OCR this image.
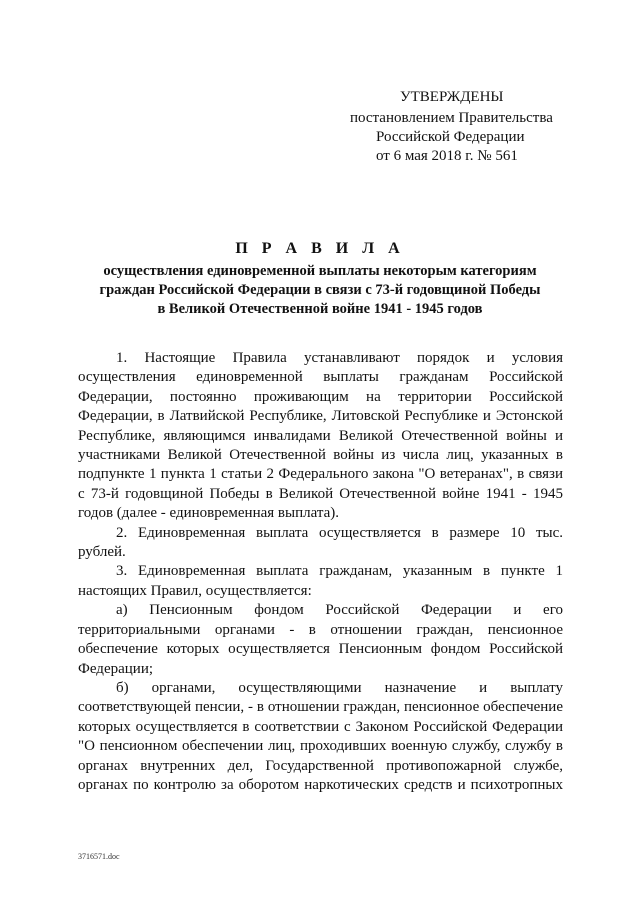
УТВЕРЖДЕНЫ
постановлением Правительства
Российской Федерации
от 6 мая 2018 г. № 561
П Р А В И Л А
осуществления единовременной выплаты некоторым категориям
граждан Российской Федерации в связи с 73-й годовщиной Победы
в Великой Отечественной войне 1941 - 1945 годов

1. Настоящие Правила устанавливают порядок и условия осуществления единовременной выплаты гражданам Российской Федерации, постоянно проживающим на территории Российской Федерации, в Латвийской Республике, Литовской Республике и Эстонской Республике, являющимся инвалидами Великой Отечественной войны и участниками Великой Отечественной войны из числа лиц, указанных в подпункте 1 пункта 1 статьи 2 Федерального закона "О ветеранах", в связи с 73-й годовщиной Победы в Великой Отечественной войне 1941 - 1945 годов (далее - единовременная выплата).

2. Единовременная выплата осуществляется в размере 10 тыс. рублей.

3. Единовременная выплата гражданам, указанным в пункте 1 настоящих Правил, осуществляется:

а) Пенсионным фондом Российской Федерации и его территориальными органами - в отношении граждан, пенсионное обеспечение которых осуществляется Пенсионным фондом Российской Федерации;

б) органами, осуществляющими назначение и выплату соответствующей пенсии, - в отношении граждан, пенсионное обеспечение которых осуществляется в соответствии с Законом Российской Федерации "О пенсионном обеспечении лиц, проходивших военную службу, службу в органах внутренних дел, Государственной противопожарной службе, органах по контролю за оборотом наркотических средств и психотропных

3716571.doc
